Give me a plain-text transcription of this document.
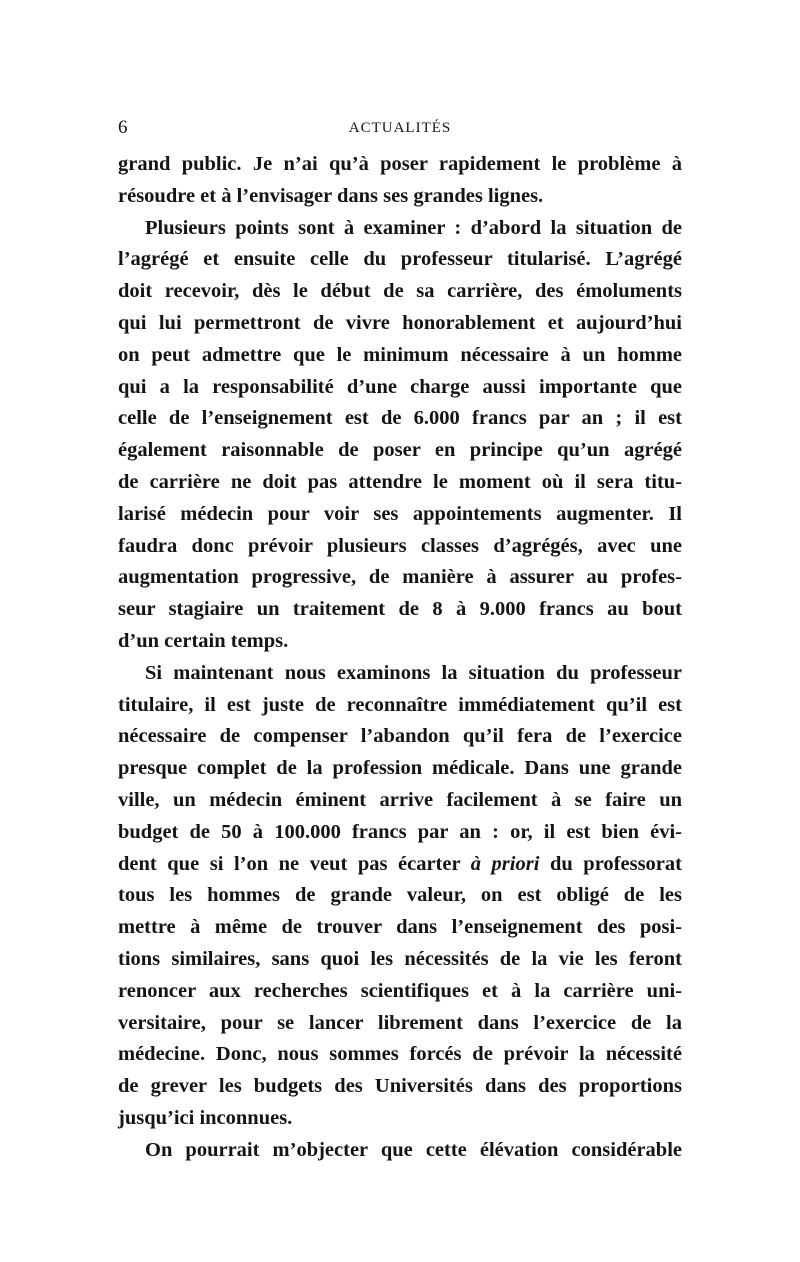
6	ACTUALITÉS
grand public. Je n’ai qu’à poser rapidement le problème à
résoudre et à l’envisager dans ses grandes lignes.
Plusieurs points sont à examiner : d’abord la situation de
l’agrégé et ensuite celle du professeur titularisé. L’agrégé
doit recevoir, dès le début de sa carrière, des émoluments
qui lui permettront de vivre honorablement et aujourd’hui
on peut admettre que le minimum nécessaire à un homme
qui a la responsabilité d’une charge aussi importante que
celle de l’enseignement est de 6.000 francs par an ; il est
également raisonnable de poser en principe qu’un agrégé
de carrière ne doit pas attendre le moment où il sera titu-
larisé médecin pour voir ses appointements augmenter. Il
faudra donc prévoir plusieurs classes d’agrégés, avec une
augmentation progressive, de manière à assurer au profes-
seur stagiaire un traitement de 8 à 9.000 francs au bout
d’un certain temps.
Si maintenant nous examinons la situation du professeur
titulaire, il est juste de reconnaître immédiatement qu’il est
nécessaire de compenser l’abandon qu’il fera de l’exercice
presque complet de la profession médicale. Dans une grande
ville, un médecin éminent arrive facilement à se faire un
budget de 50 à 100.000 francs par an : or, il est bien évi-
dent que si l’on ne veut pas écarter à priori du professorat
tous les hommes de grande valeur, on est obligé de les
mettre à même de trouver dans l’enseignement des posi-
tions similaires, sans quoi les nécessités de la vie les feront
renoncer aux recherches scientifiques et à la carrière uni-
versitaire, pour se lancer librement dans l’exercice de la
médecine. Donc, nous sommes forcés de prévoir la nécessité
de grever les budgets des Universités dans des proportions
jusqu’ici inconnues.
On pourrait m’objecter que cette élévation considérable
